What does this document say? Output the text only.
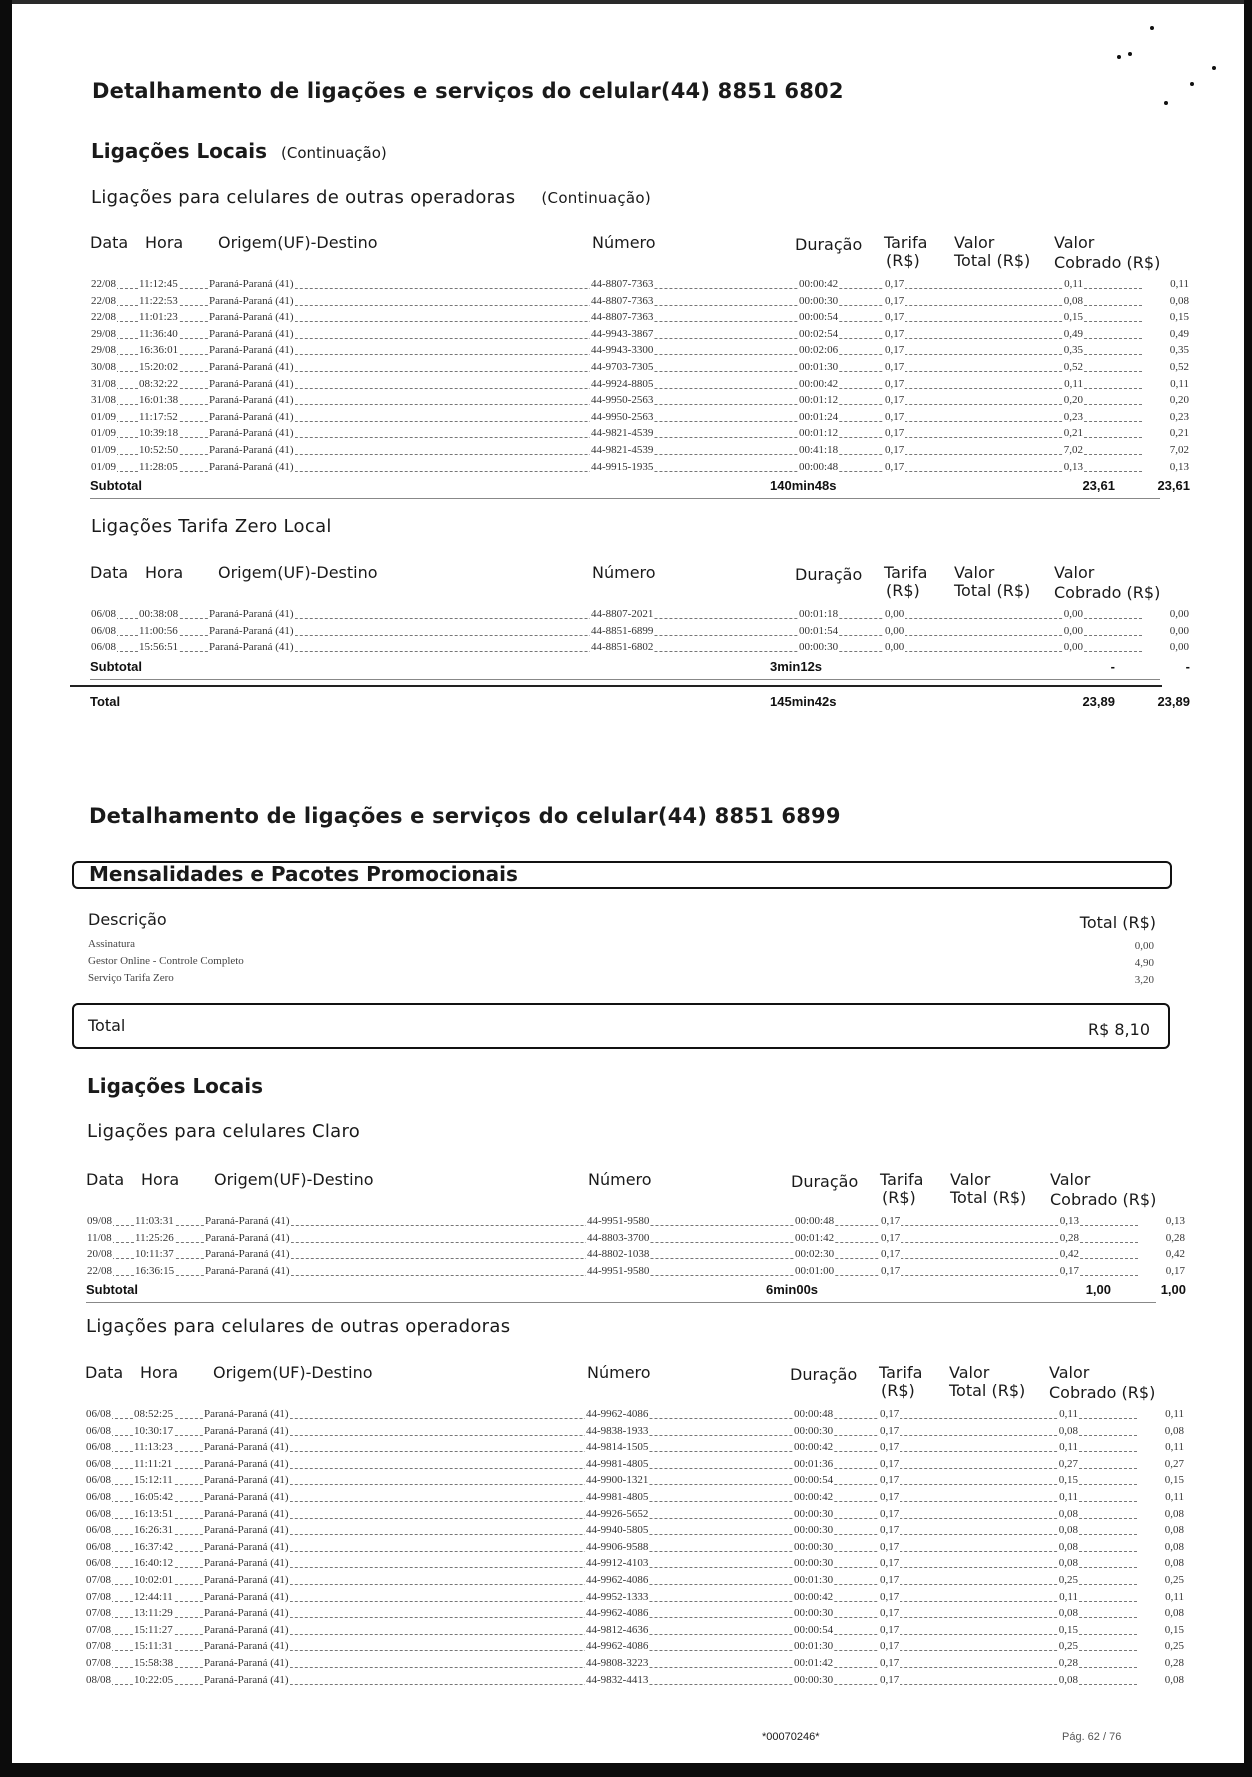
Detalhamento de ligações e serviços do celular(44) 8851 6802
Ligações Locais (Continuação)
Ligações para celulares de outras operadoras (Continuação)
Data Hora Origem(UF)-Destino	Número	Duração Tarifa
(R$)
Valor
Total (R$)
Valor
Cobrado (R$)
22/08 11:12:45	Paraná-Paraná (41)	44-8807-7363	00:00:42	0,17	0,11	0,11
22/08 11:22:53	Paraná-Paraná (41)	44-8807-7363	00:00:30	0,17	0,08	0,08
22/08 11:01:23	Paraná-Paraná (41)	44-8807-7363	00:00:54	0,17	0,15	0,15
29/08 11:36:40	Paraná-Paraná (41)	44-9943-3867	00:02:54	0,17	0,49	0,49
29/08 16:36:01	Paraná-Paraná (41)	44-9943-3300	00:02:06	0,17	0,35	0,35
30/08 15:20:02	Paraná-Paraná (41)	44-9703-7305	00:01:30	0,17	0,52	0,52
31/08 08:32:22	Paraná-Paraná (41)	44-9924-8805	00:00:42	0,17	0,11	0,11
31/08 16:01:38	Paraná-Paraná (41)	44-9950-2563	00:01:12	0,17	0,20	0,20
01/09 11:17:52	Paraná-Paraná (41)	44-9950-2563	00:01:24	0,17	0,23	0,23
01/09 10:39:18	Paraná-Paraná (41)	44-9821-4539	00:01:12	0,17	0,21	0,21
01/09 10:52:50	Paraná-Paraná (41)	44-9821-4539	00:41:18	0,17	7,02	7,02
01/09 11:28:05	Paraná-Paraná (41)	44-9915-1935	00:00:48	0,17	0,13	0,13
Subtotal	140min48s	23,61	23,61
Ligações Tarifa Zero Local
Data Hora Origem(UF)-Destino	Número	Duração Tarifa
(R$)
Valor
Total (R$)
Valor
Cobrado (R$)
06/08 00:38:08	Paraná-Paraná (41)	44-8807-2021	00:01:18	0,00	0,00	0,00
06/08 11:00:56	Paraná-Paraná (41)	44-8851-6899	00:01:54	0,00	0,00	0,00
06/08 15:56:51	Paraná-Paraná (41)	44-8851-6802	00:00:30	0,00	0,00	0,00
Subtotal	3min12s	-	-
Total	145min42s	23,89	23,89
Detalhamento de ligações e serviços do celular(44) 8851 6899
Mensalidades e Pacotes Promocionais
Descrição	Total (R$)
Assinatura	0,00
Gestor Online - Controle Completo	4,90
Serviço Tarifa Zero	3,20
Total	R$ 8,10
Ligações Locais
Ligações para celulares Claro
Data Hora Origem(UF)-Destino	Número	Duração Tarifa
(R$)
Valor
Total (R$)
Valor
Cobrado (R$)
09/08 11:03:31	Paraná-Paraná (41)	44-9951-9580	00:00:48	0,17	0,13	0,13
11/08 11:25:26	Paraná-Paraná (41)	44-8803-3700	00:01:42	0,17	0,28	0,28
20/08 10:11:37	Paraná-Paraná (41)	44-8802-1038	00:02:30	0,17	0,42	0,42
22/08 16:36:15	Paraná-Paraná (41)	44-9951-9580	00:01:00	0,17	0,17	0,17
Subtotal	6min00s	1,00	1,00
Ligações para celulares de outras operadoras
Data Hora Origem(UF)-Destino	Número	Duração Tarifa
(R$)
Valor
Total (R$)
Valor
Cobrado (R$)
06/08 08:52:25	Paraná-Paraná (41)	44-9962-4086	00:00:48	0,17	0,11	0,11
06/08 10:30:17	Paraná-Paraná (41)	44-9838-1933	00:00:30	0,17	0,08	0,08
06/08 11:13:23	Paraná-Paraná (41)	44-9814-1505	00:00:42	0,17	0,11	0,11
06/08 11:11:21	Paraná-Paraná (41)	44-9981-4805	00:01:36	0,17	0,27	0,27
06/08 15:12:11	Paraná-Paraná (41)	44-9900-1321	00:00:54	0,17	0,15	0,15
06/08 16:05:42	Paraná-Paraná (41)	44-9981-4805	00:00:42	0,17	0,11	0,11
06/08 16:13:51	Paraná-Paraná (41)	44-9926-5652	00:00:30	0,17	0,08	0,08
06/08 16:26:31	Paraná-Paraná (41)	44-9940-5805	00:00:30	0,17	0,08	0,08
06/08 16:37:42	Paraná-Paraná (41)	44-9906-9588	00:00:30	0,17	0,08	0,08
06/08 16:40:12	Paraná-Paraná (41)	44-9912-4103	00:00:30	0,17	0,08	0,08
07/08 10:02:01	Paraná-Paraná (41)	44-9962-4086	00:01:30	0,17	0,25	0,25
07/08 12:44:11	Paraná-Paraná (41)	44-9952-1333	00:00:42	0,17	0,11	0,11
07/08 13:11:29	Paraná-Paraná (41)	44-9962-4086	00:00:30	0,17	0,08	0,08
07/08 15:11:27	Paraná-Paraná (41)	44-9812-4636	00:00:54	0,17	0,15	0,15
07/08 15:11:31	Paraná-Paraná (41)	44-9962-4086	00:01:30	0,17	0,25	0,25
07/08 15:58:38	Paraná-Paraná (41)	44-9808-3223	00:01:42	0,17	0,28	0,28
08/08 10:22:05	Paraná-Paraná (41)	44-9832-4413	00:00:30	0,17	0,08	0,08
*00070246*	Pág. 62 / 76
